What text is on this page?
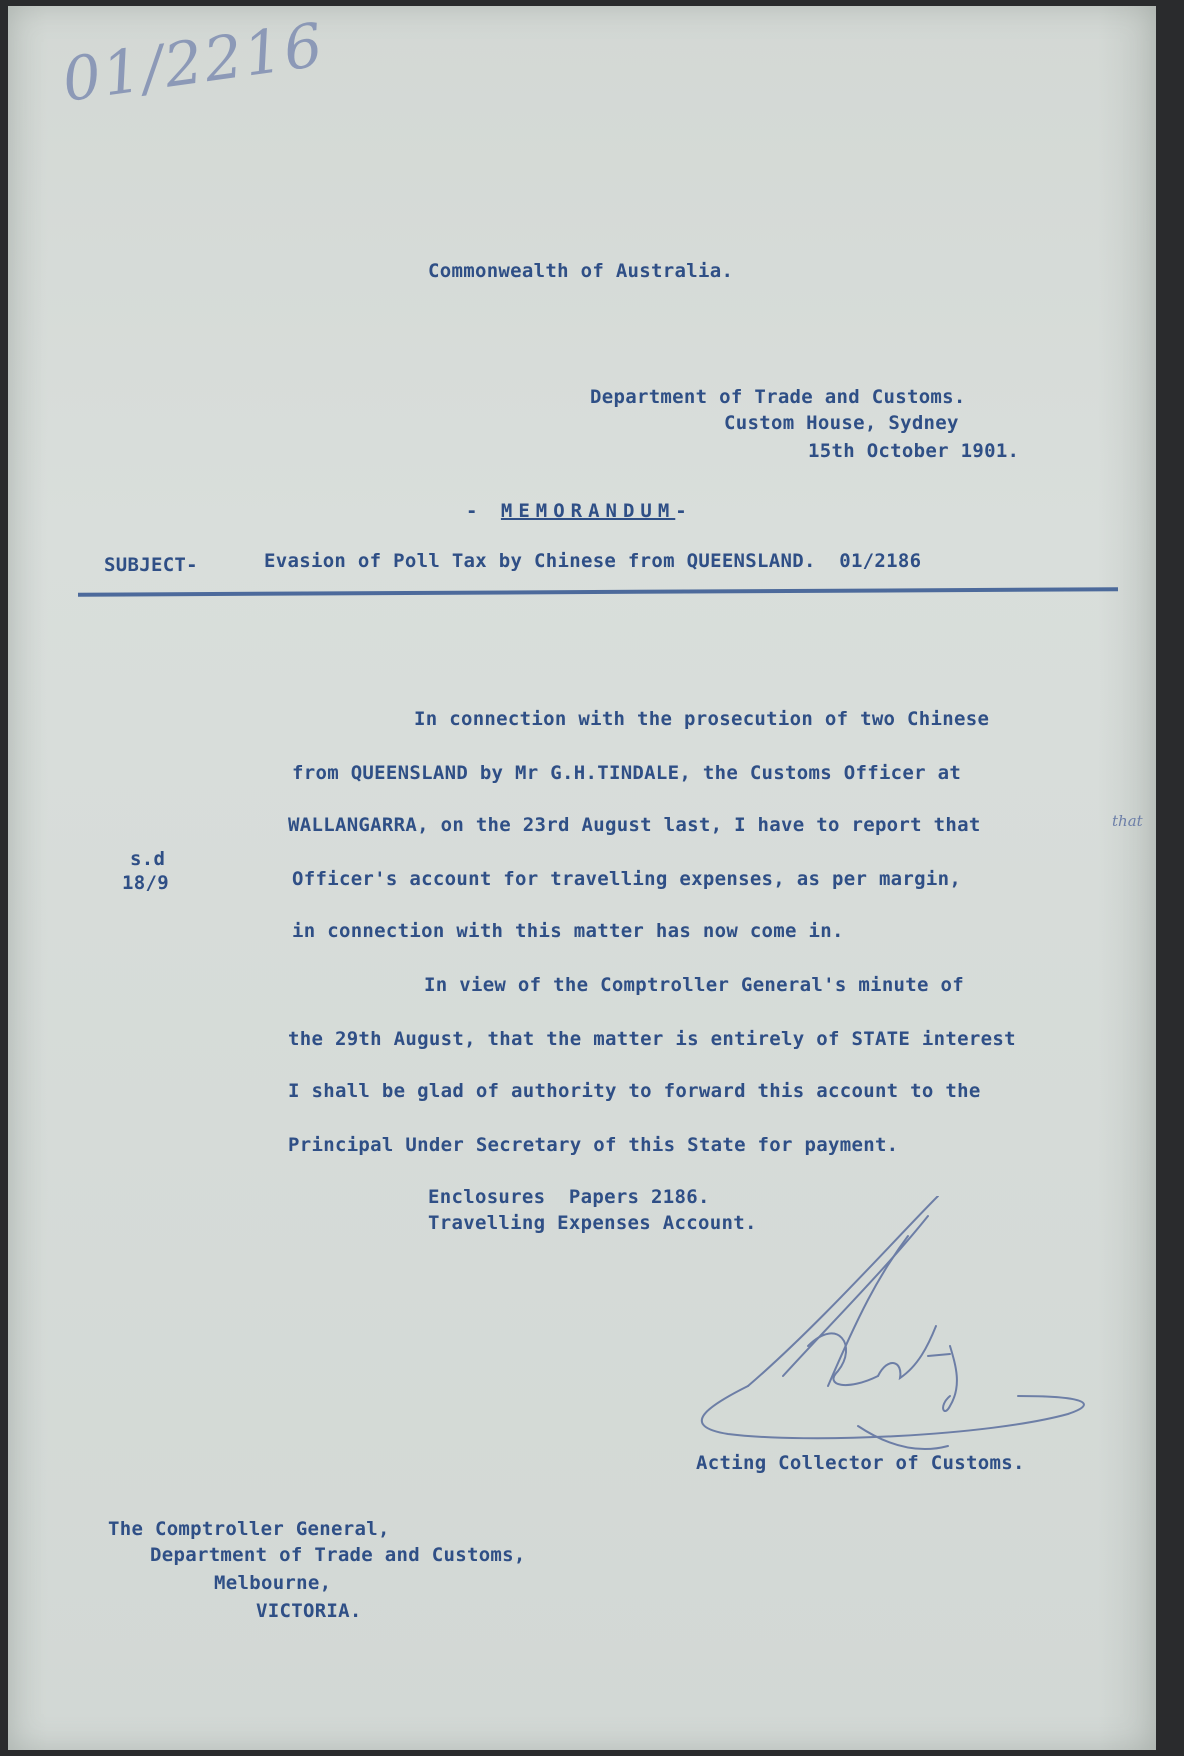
01/2216
Commonwealth of Australia.
Department of Trade and Customs.
Custom House, Sydney
15th October 1901.
- MEMORANDUM-
SUBJECT-	Evasion of Poll Tax by Chinese from QUEENSLAND.  01/2186
s.d
18/9
In connection with the prosecution of two Chinese
from QUEENSLAND by Mr G.H.TINDALE, the Customs Officer at
WALLANGARRA, on the 23rd August last, I have to report that
Officer's account for travelling expenses, as per margin,
in connection with this matter has now come in.
that
In view of the Comptroller General's minute of
the 29th August, that the matter is entirely of STATE interest
I shall be glad of authority to forward this account to the
Principal Under Secretary of this State for payment.
Enclosures  Papers 2186.
Travelling Expenses Account.
Acting Collector of Customs.
The Comptroller General,
Department of Trade and Customs,
Melbourne,
VICTORIA.
